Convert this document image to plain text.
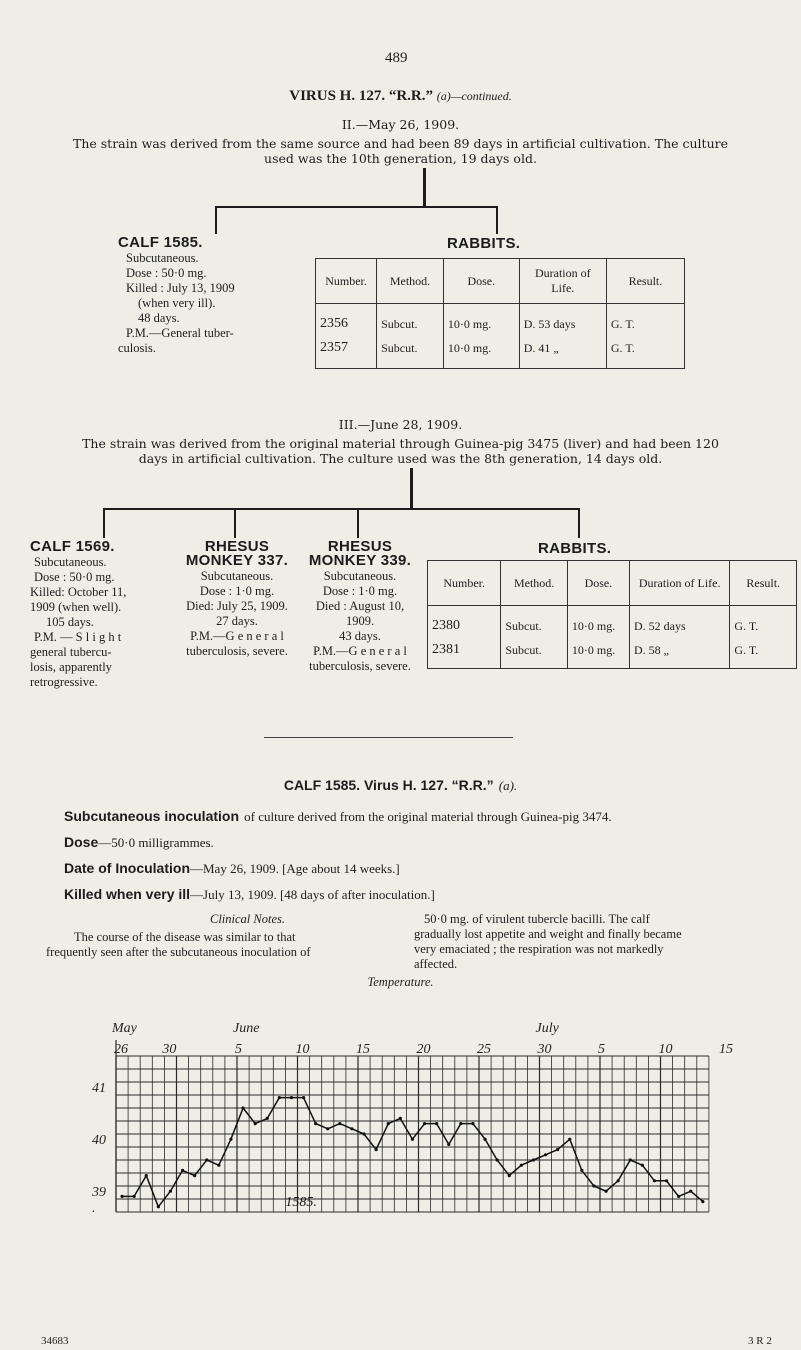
489
VIRUS H. 127. “R.R.” (a)—continued.
II.—May 26, 1909.
The strain was derived from the same source and had been 89 days in artificial cultivation. The culture
used was the 10th generation, 19 days old.
CALF 1585.
Subcutaneous.
Dose : 50·0 mg.
Killed : July 13, 1909
(when very ill).
48 days.
P.M.—General tuber-
culosis.
RABBITS.
Number.	Method.	Dose.	Duration of Life.	Result.
2356	Subcut.	10·0 mg.	D. 53 days	G. T.
2357	Subcut.	10·0 mg.	D. 41 „	G. T.
III.—June 28, 1909.
The strain was derived from the original material through Guinea-pig 3475 (liver) and had been 120
days in artificial cultivation. The culture used was the 8th generation, 14 days old.
CALF 1569.
Subcutaneous.
Dose : 50·0 mg.
Killed: October 11,
1909 (when well).
105 days.
P.M. — S l i g h t
general tubercu-
losis, apparently
retrogressive.
RHESUS
MONKEY 337.
Subcutaneous.
Dose : 1·0 mg.
Died: July 25, 1909.
27 days.
P.M.—G e n e r a l
tuberculosis, severe.
RHESUS
MONKEY 339.
Subcutaneous.
Dose : 1·0 mg.
Died : August 10,
1909.
43 days.
P.M.—G e n e r a l
tuberculosis, severe.
RABBITS.
Number.	Method.	Dose.	Duration of Life.	Result.
2380	Subcut.	10·0 mg.	D. 52 days	G. T.
2381	Subcut.	10·0 mg.	D. 58 „	G. T.
CALF 1585. Virus H. 127. “R.R.” (a).
Subcutaneous inoculation of culture derived from the original material through Guinea-pig 3474.
Dose—50·0 milligrammes.
Date of Inoculation—May 26, 1909. [Age about 14 weeks.]
Killed when very ill—July 13, 1909. [48 days of after inoculation.]
Clinical Notes.
The course of the disease was similar to that
frequently seen after the subcutaneous inoculation of
50·0 mg. of virulent tubercle bacilli. The calf
gradually lost appetite and weight and finally became
very emaciated ; the respiration was not markedly
affected.
Temperature.
41
40
39
.
26 30	5	10	15	20	25	30	5	10	15
May	June	July
1585.
34683	3 R 2
